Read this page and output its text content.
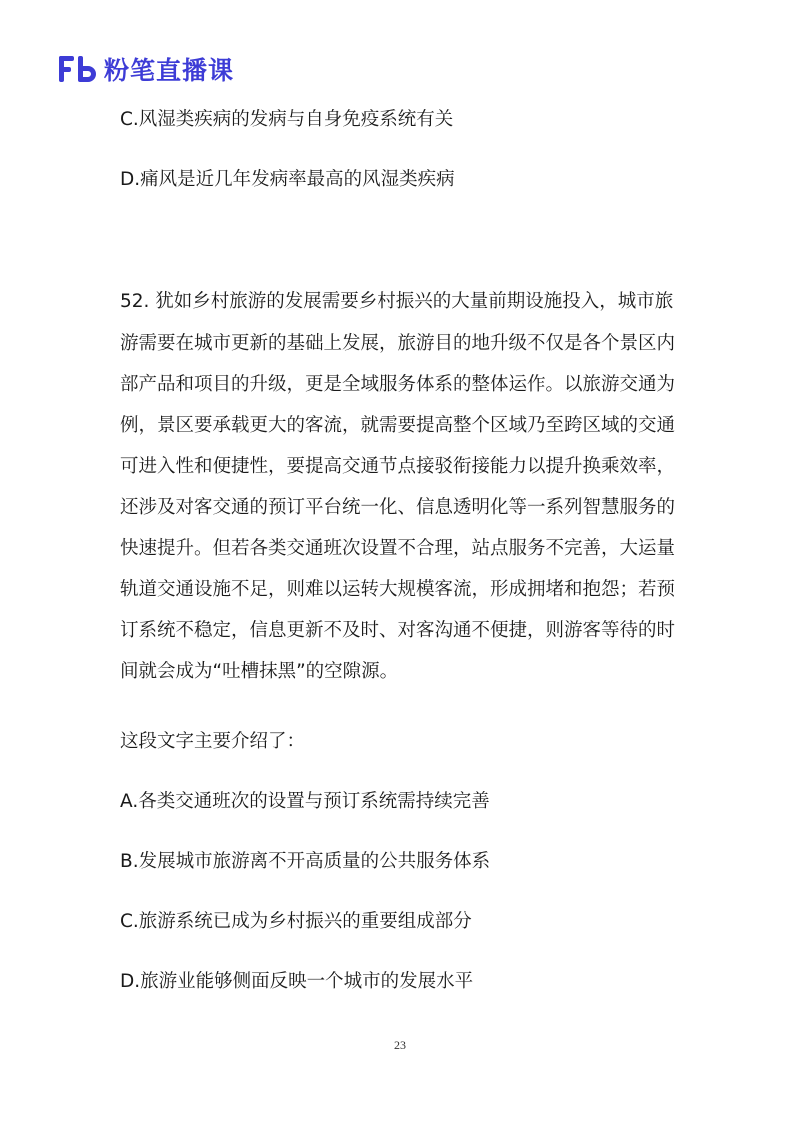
粉笔直播课
C.风湿类疾病的发病与自身免疫系统有关
D.痛风是近几年发病率最高的风湿类疾病
52. 犹如乡村旅游的发展需要乡村振兴的大量前期设施投入，城市旅
游需要在城市更新的基础上发展，旅游目的地升级不仅是各个景区内
部产品和项目的升级，更是全域服务体系的整体运作。以旅游交通为
例，景区要承载更大的客流，就需要提高整个区域乃至跨区域的交通
可进入性和便捷性，要提高交通节点接驳衔接能力以提升换乘效率，
还涉及对客交通的预订平台统一化、信息透明化等一系列智慧服务的
快速提升。但若各类交通班次设置不合理，站点服务不完善，大运量
轨道交通设施不足，则难以运转大规模客流，形成拥堵和抱怨；若预
订系统不稳定，信息更新不及时、对客沟通不便捷，则游客等待的时
间就会成为“吐槽抹黑”的空隙源。
这段文字主要介绍了：
A.各类交通班次的设置与预订系统需持续完善
B.发展城市旅游离不开高质量的公共服务体系
C.旅游系统已成为乡村振兴的重要组成部分
D.旅游业能够侧面反映一个城市的发展水平
23
